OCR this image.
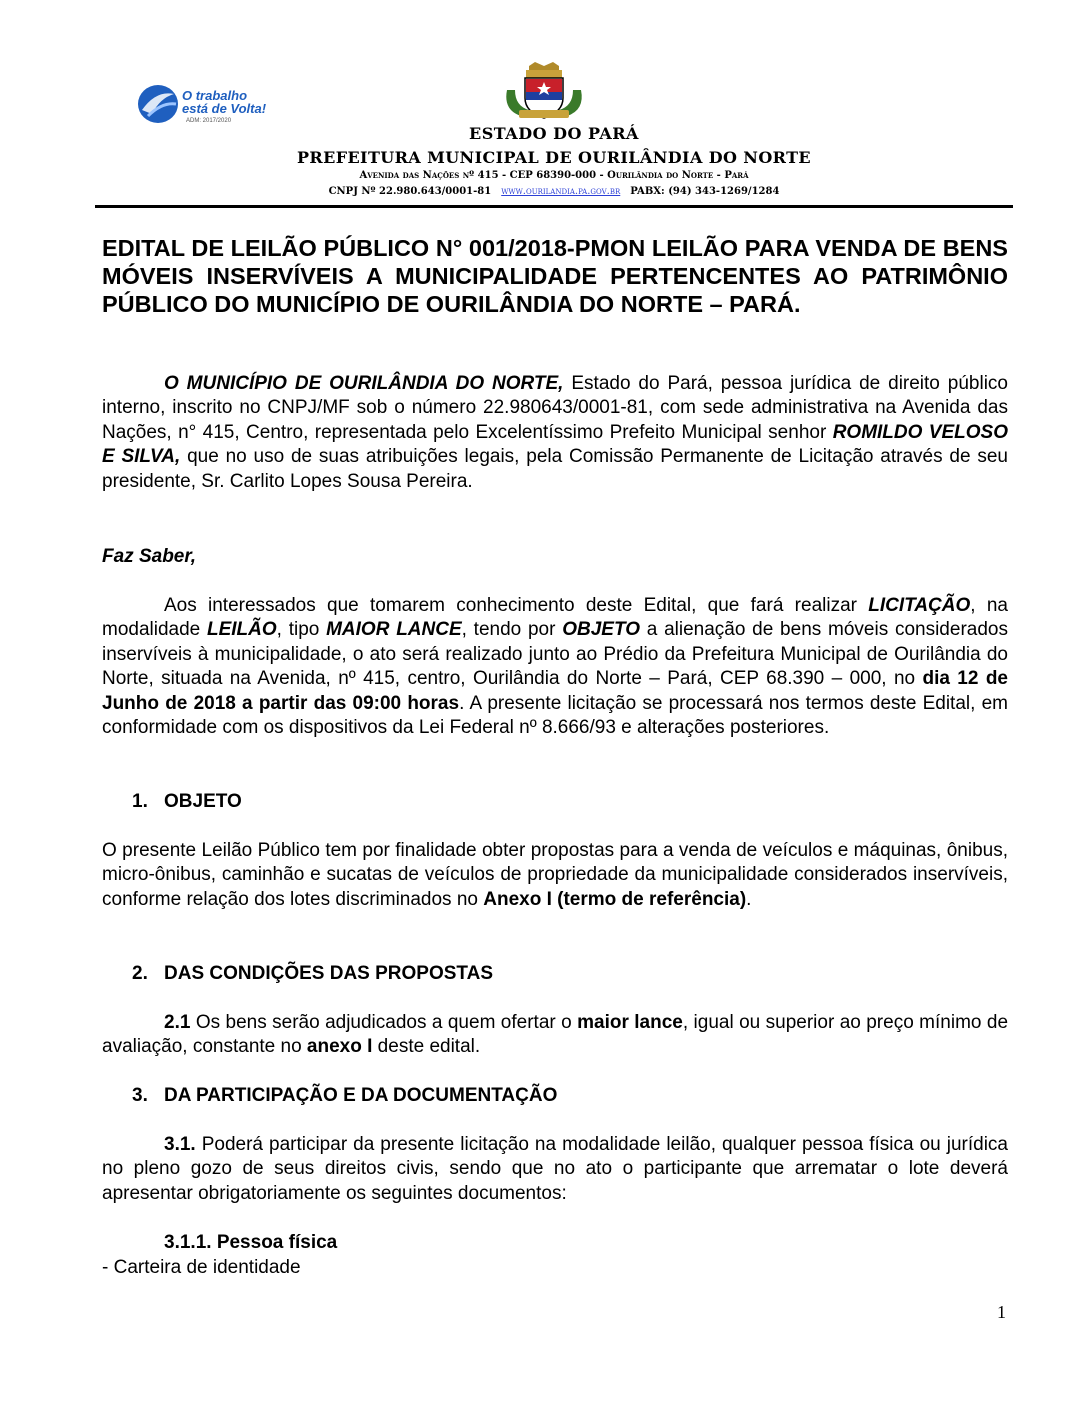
O trabalho
está de Volta!
ADM: 2017/2020
ESTADO DO PARÁ
PREFEITURA MUNICIPAL DE OURILÂNDIA DO NORTE
Avenida das Nações nº 415 - CEP 68390-000 - Ourilândia do Norte - Pará
CNPJ Nº 22.980.643/0001-81 www.ourilandia.pa.gov.br PABX: (94) 343-1269/1284
EDITAL DE LEILÃO PÚBLICO N° 001/2018-PMON LEILÃO PARA VENDA DE BENS MÓVEIS INSERVÍVEIS A MUNICIPALIDADE PERTENCENTES AO PATRIMÔNIO PÚBLICO DO MUNICÍPIO DE OURILÂNDIA DO NORTE – PARÁ.
O MUNICÍPIO DE OURILÂNDIA DO NORTE, Estado do Pará, pessoa jurídica de direito público interno, inscrito no CNPJ/MF sob o número 22.980643/0001-81, com sede administrativa na Avenida das Nações, n° 415, Centro, representada pelo Excelentíssimo Prefeito Municipal senhor ROMILDO VELOSO E SILVA, que no uso de suas atribuições legais, pela Comissão Permanente de Licitação através de seu presidente, Sr. Carlito Lopes Sousa Pereira.
Faz Saber,
Aos interessados que tomarem conhecimento deste Edital, que fará realizar LICITAÇÃO, na modalidade LEILÃO, tipo MAIOR LANCE, tendo por OBJETO a alienação de bens móveis considerados inservíveis à municipalidade, o ato será realizado junto ao Prédio da Prefeitura Municipal de Ourilândia do Norte, situada na Avenida, nº 415, centro, Ourilândia do Norte – Pará, CEP 68.390 – 000, no dia 12 de Junho de 2018 a partir das 09:00 horas. A presente licitação se processará nos termos deste Edital, em conformidade com os dispositivos da Lei Federal nº 8.666/93 e alterações posteriores.
1. OBJETO
O presente Leilão Público tem por finalidade obter propostas para a venda de veículos e máquinas, ônibus, micro-ônibus, caminhão e sucatas de veículos de propriedade da municipalidade considerados inservíveis, conforme relação dos lotes discriminados no Anexo I (termo de referência).
2. DAS CONDIÇÕES DAS PROPOSTAS
2.1 Os bens serão adjudicados a quem ofertar o maior lance, igual ou superior ao preço mínimo de avaliação, constante no anexo I deste edital.
3. DA PARTICIPAÇÃO E DA DOCUMENTAÇÃO
3.1. Poderá participar da presente licitação na modalidade leilão, qualquer pessoa física ou jurídica no pleno gozo de seus direitos civis, sendo que no ato o participante que arrematar o lote deverá apresentar obrigatoriamente os seguintes documentos:
3.1.1. Pessoa física
- Carteira de identidade
1
